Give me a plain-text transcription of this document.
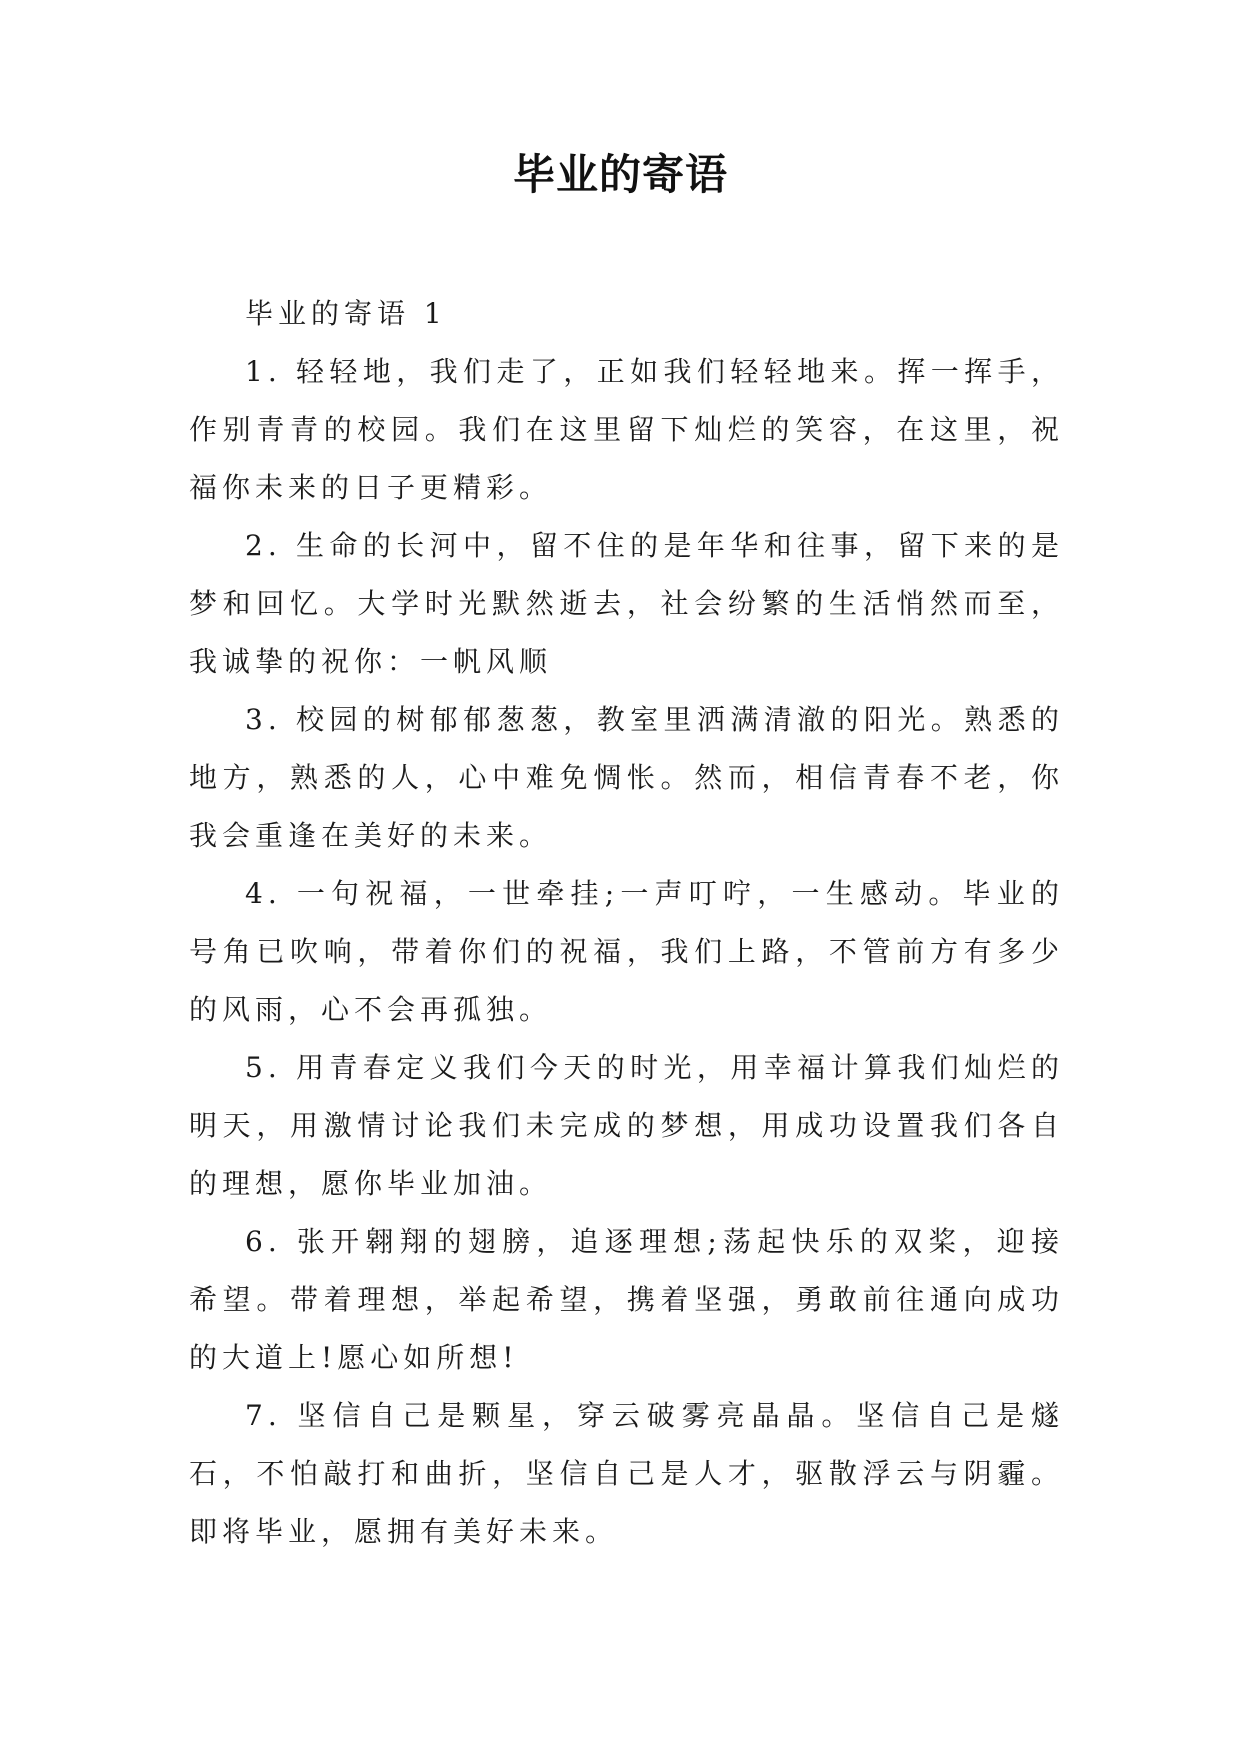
毕业的寄语

毕业的寄语 1

1. 轻轻地，我们走了，正如我们轻轻地来。挥一挥手，作别青青的校园。我们在这里留下灿烂的笑容，在这里，祝福你未来的日子更精彩。

2. 生命的长河中，留不住的是年华和往事，留下来的是梦和回忆。大学时光默然逝去，社会纷繁的生活悄然而至，我诚挚的祝你：一帆风顺

3. 校园的树郁郁葱葱，教室里洒满清澈的阳光。熟悉的地方，熟悉的人，心中难免惆怅。然而，相信青春不老，你我会重逢在美好的未来。

4. 一句祝福，一世牵挂;一声叮咛，一生感动。毕业的号角已吹响，带着你们的祝福，我们上路，不管前方有多少的风雨，心不会再孤独。

5. 用青春定义我们今天的时光，用幸福计算我们灿烂的明天，用激情讨论我们未完成的梦想，用成功设置我们各自的理想，愿你毕业加油。

6. 张开翱翔的翅膀，追逐理想;荡起快乐的双桨，迎接希望。带着理想，举起希望，携着坚强，勇敢前往通向成功的大道上!愿心如所想!

7. 坚信自己是颗星，穿云破雾亮晶晶。坚信自己是燧石，不怕敲打和曲折，坚信自己是人才，驱散浮云与阴霾。即将毕业，愿拥有美好未来。
